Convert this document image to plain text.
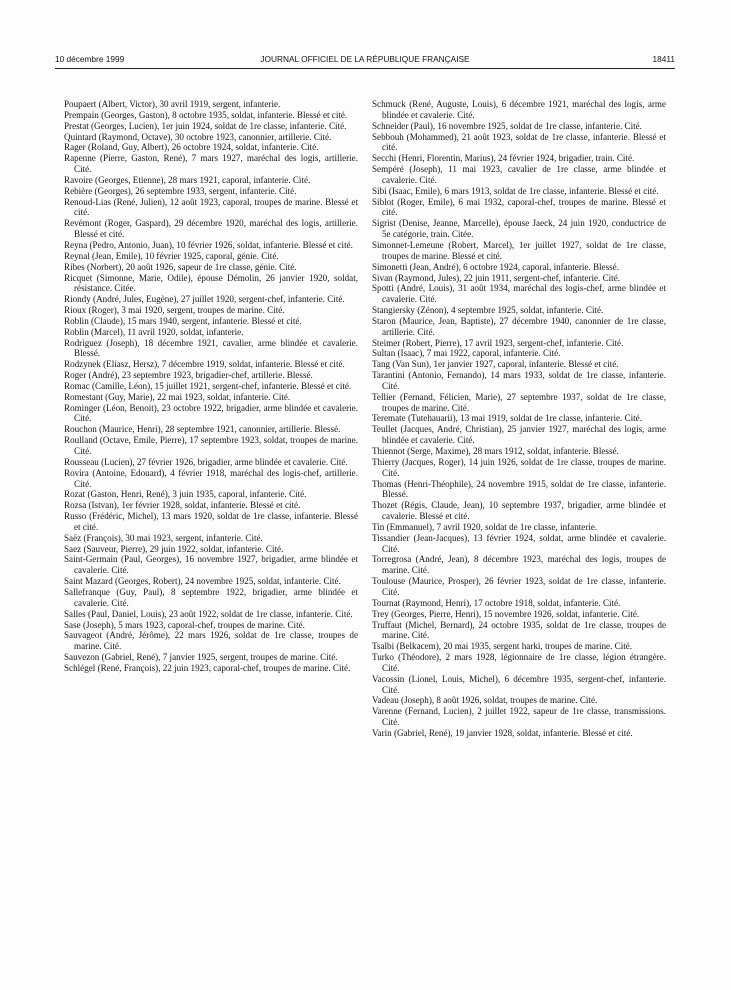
10 décembre 1999	JOURNAL OFFICIEL DE LA RÉPUBLIQUE FRANÇAISE	18411
Poupaert (Albert, Victor), 30 avril 1919, sergent, infanterie.
Prempain (Georges, Gaston), 8 octobre 1935, soldat, infanterie. Blessé et cité.
Prestat (Georges, Lucien), 1er juin 1924, soldat de 1re classe, infanterie. Cité.
Quintard (Raymond, Octave), 30 octobre 1923, canonnier, artillerie. Cité.
Rager (Roland, Guy, Albert), 26 octobre 1924, soldat, infanterie. Cité.
Rapenne (Pierre, Gaston, René), 7 mars 1927, maréchal des logis, artillerie. Cité.
Ravoire (Georges, Etienne), 28 mars 1921, caporal, infanterie. Cité.
Rebière (Georges), 26 septembre 1933, sergent, infanterie. Cité.
Renoud-Lias (René, Julien), 12 août 1923, caporal, troupes de marine. Blessé et cité.
Revémont (Roger, Gaspard), 29 décembre 1920, maréchal des logis, artillerie. Blessé et cité.
Reyna (Pedro, Antonio, Juan), 10 février 1926, soldat, infanterie. Blessé et cité.
Reynal (Jean, Emile), 10 février 1925, caporal, génie. Cité.
Ribes (Norbert), 20 août 1926, sapeur de 1re classe, génie. Cité.
Ricquet (Simonne, Marie, Odile), épouse Démolin, 26 janvier 1920, soldat, résistance. Citée.
Riondy (André, Jules, Eugène), 27 juillet 1920, sergent-chef, infanterie. Cité.
Rioux (Roger), 3 mai 1920, sergent, troupes de marine. Cité.
Roblin (Claude), 15 mars 1940, sergent, infanterie. Blessé et cité.
Roblin (Marcel), 11 avril 1920, soldat, infanterie.
Rodriguez (Joseph), 18 décembre 1921, cavalier, arme blindée et cavalerie. Blessé.
Rodzynek (Eliasz, Hersz), 7 décembre 1919, soldat, infanterie. Blessé et cité.
Roger (André), 23 septembre 1923, brigadier-chef, artillerie. Blessé.
Romac (Camille, Léon), 15 juillet 1921, sergent-chef, infanterie. Blessé et cité.
Romestant (Guy, Marie), 22 mai 1923, soldat, infanterie. Cité.
Rominger (Léon, Benoit), 23 octobre 1922, brigadier, arme blindée et cavalerie. Cité.
Rouchon (Maurice, Henri), 28 septembre 1921, canonnier, artillerie. Blessé.
Roulland (Octave, Emile, Pierre), 17 septembre 1923, soldat, troupes de marine. Cité.
Rousseau (Lucien), 27 février 1926, brigadier, arme blindée et cavalerie. Cité.
Rovira (Antoine, Edouard), 4 février 1918, maréchal des logis-chef, artillerie. Cité.
Rozat (Gaston, Henri, René), 3 juin 1935, caporal, infanterie. Cité.
Rozsa (Istvan), 1er février 1928, soldat, infanterie. Blessé et cité.
Russo (Frédéric, Michel), 13 mars 1920, soldat de 1re classe, infanterie. Blessé et cité.
Saëz (François), 30 mai 1923, sergent, infanterie. Cité.
Saez (Sauveur, Pierre), 29 juin 1922, soldat, infanterie. Cité.
Saint-Germain (Paul, Georges), 16 novembre 1927, brigadier, arme blindée et cavalerie. Cité.
Saint Mazard (Georges, Robert), 24 novembre 1925, soldat, infanterie. Cité.
Sallefranque (Guy, Paul), 8 septembre 1922, brigadier, arme blindée et cavalerie. Cité.
Salles (Paul, Daniel, Louis), 23 août 1922, soldat de 1re classe, infanterie. Cité.
Sase (Joseph), 5 mars 1923, caporal-chef, troupes de marine. Cité.
Sauvageot (André, Jérôme), 22 mars 1926, soldat de 1re classe, troupes de marine. Cité.
Sauvezon (Gabriel, René), 7 janvier 1925, sergent, troupes de marine. Cité.
Schlégel (René, François), 22 juin 1923, caporal-chef, troupes de marine. Cité.
Schmuck (René, Auguste, Louis), 6 décembre 1921, maréchal des logis, arme blindée et cavalerie. Cité.
Schneider (Paul), 16 novembre 1925, soldat de 1re classe, infanterie. Cité.
Sebbouh (Mohammed), 21 août 1923, soldat de 1re classe, infanterie. Blessé et cité.
Secchi (Henri, Florentin, Marius), 24 février 1924, brigadier, train. Cité.
Sempéré (Joseph), 11 mai 1923, cavalier de 1re classe, arme blindée et cavalerie. Cité.
Sibi (Isaac, Emile), 6 mars 1913, soldat de 1re classe, infanterie. Blessé et cité.
Siblot (Roger, Emile), 6 mai 1932, caporal-chef, troupes de marine. Blessé et cité.
Sigrist (Denise, Jeanne, Marcelle), épouse Jaeck, 24 juin 1920, conductrice de 5e catégorie, train. Citée.
Simonnet-Lemeune (Robert, Marcel), 1er juillet 1927, soldat de 1re classe, troupes de marine. Blessé et cité.
Simonetti (Jean, André), 6 octobre 1924, caporal, infanterie. Blessé.
Sivan (Raymond, Jules), 22 juin 1911, sergent-chef, infanterie. Cité.
Spotti (André, Louis), 31 août 1934, maréchal des logis-chef, arme blindée et cavalerie. Cité.
Stangiersky (Zénon), 4 septembre 1925, soldat, infanterie. Cité.
Staron (Maurice, Jean, Baptiste), 27 décembre 1940, canonnier de 1re classe, artillerie. Cité.
Steimer (Robert, Pierre), 17 avril 1923, sergent-chef, infanterie. Cité.
Sultan (Isaac), 7 mai 1922, caporal, infanterie. Cité.
Tang (Van Sun), 1er janvier 1927, caporal, infanterie. Blessé et cité.
Tarantini (Antonio, Fernando), 14 mars 1933, soldat de 1re classe, infanterie. Cité.
Tellier (Fernand, Félicien, Marie), 27 septembre 1937, soldat de 1re classe, troupes de marine. Cité.
Teremate (Tutehauarii), 13 mai 1919, soldat de 1re classe, infanterie. Cité.
Teullet (Jacques, André, Christian), 25 janvier 1927, maréchal des logis, arme blindée et cavalerie. Cité.
Thiennot (Serge, Maxime), 28 mars 1912, soldat, infanterie. Blessé.
Thierry (Jacques, Roger), 14 juin 1926, soldat de 1re classe, troupes de marine. Cité.
Thomas (Henri-Théophile), 24 novembre 1915, soldat de 1re classe, infanterie. Blessé.
Thozet (Régis, Claude, Jean), 10 septembre 1937, brigadier, arme blindée et cavalerie. Blessé et cité.
Tin (Emmanuel), 7 avril 1920, soldat de 1re classe, infanterie.
Tissandier (Jean-Jacques), 13 février 1924, soldat, arme blindée et cavalerie. Cité.
Torregrosa (André, Jean), 8 décembre 1923, maréchal des logis, troupes de marine. Cité.
Toulouse (Maurice, Prosper), 26 février 1923, soldat de 1re classe, infanterie. Cité.
Tournat (Raymond, Henri), 17 octobre 1918, soldat, infanterie. Cité.
Trey (Georges, Pierre, Henri), 15 novembre 1926, soldat, infanterie. Cité.
Truffaut (Michel, Bernard), 24 octobre 1935, soldat de 1re classe, troupes de marine. Cité.
Tsalbi (Belkacem), 20 mai 1935, sergent harki, troupes de marine. Cité.
Turko (Théodore), 2 mars 1928, légionnaire de 1re classe, légion étrangère. Cité.
Vacossin (Lionel, Louis, Michel), 6 décembre 1935, sergent-chef, infanterie. Cité.
Vadeau (Joseph), 8 août 1926, soldat, troupes de marine. Cité.
Varenne (Fernand, Lucien), 2 juillet 1922, sapeur de 1re classe, transmissions. Cité.
Varin (Gabriel, René), 19 janvier 1928, soldat, infanterie. Blessé et cité.
